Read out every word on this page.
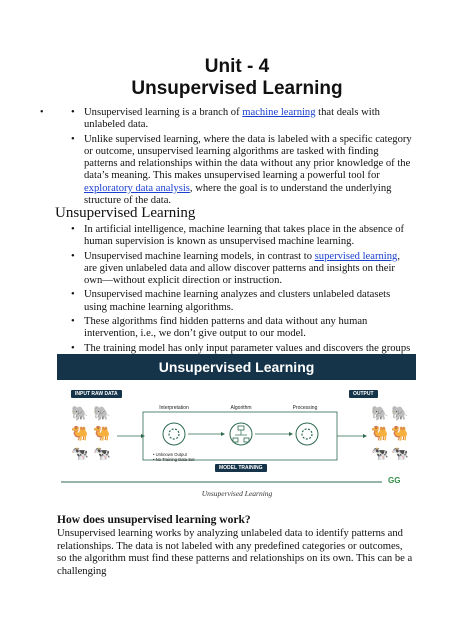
Unit - 4
Unsupervised Learning
•
•	Unsupervised learning is a branch of machine learning that deals with unlabeled data.
• Unlike supervised learning, where the data is labeled with a specific category or outcome, unsupervised learning algorithms are tasked with finding patterns and relationships within the data without any prior knowledge of the data’s meaning. This makes unsupervised learning a powerful tool for exploratory data analysis, where the goal is to understand the underlying structure of the data.
Unsupervised Learning
• In artificial intelligence, machine learning that takes place in the absence of human supervision is known as unsupervised machine learning.
• Unsupervised machine learning models, in contrast to supervised learning, are given unlabeled data and allow discover patterns and insights on their own—without explicit direction or instruction.
• Unsupervised machine learning analyzes and clusters unlabeled datasets using machine learning algorithms.
• These algorithms find hidden patterns and data without any human intervention, i.e., we don’t give output to our model.
• The training model has only input parameter values and discovers the groups
Unsupervised Learning
INPUT RAW DATA	OUTPUT
🐘 🐘
🐫 🐫
🐄 🐄
Interpretation	Algorithm	Processing
• Unknown Output
• No Training Data Set
MODEL TRAINING
🐘 🐘
🐫 🐫
🐄 🐄
GG
Unsupervised Learning
How does unsupervised learning work?
Unsupervised learning works by analyzing unlabeled data to identify patterns and relationships. The data is not labeled with any predefined categories or outcomes, so the algorithm must find these patterns and relationships on its own. This can be a challenging
